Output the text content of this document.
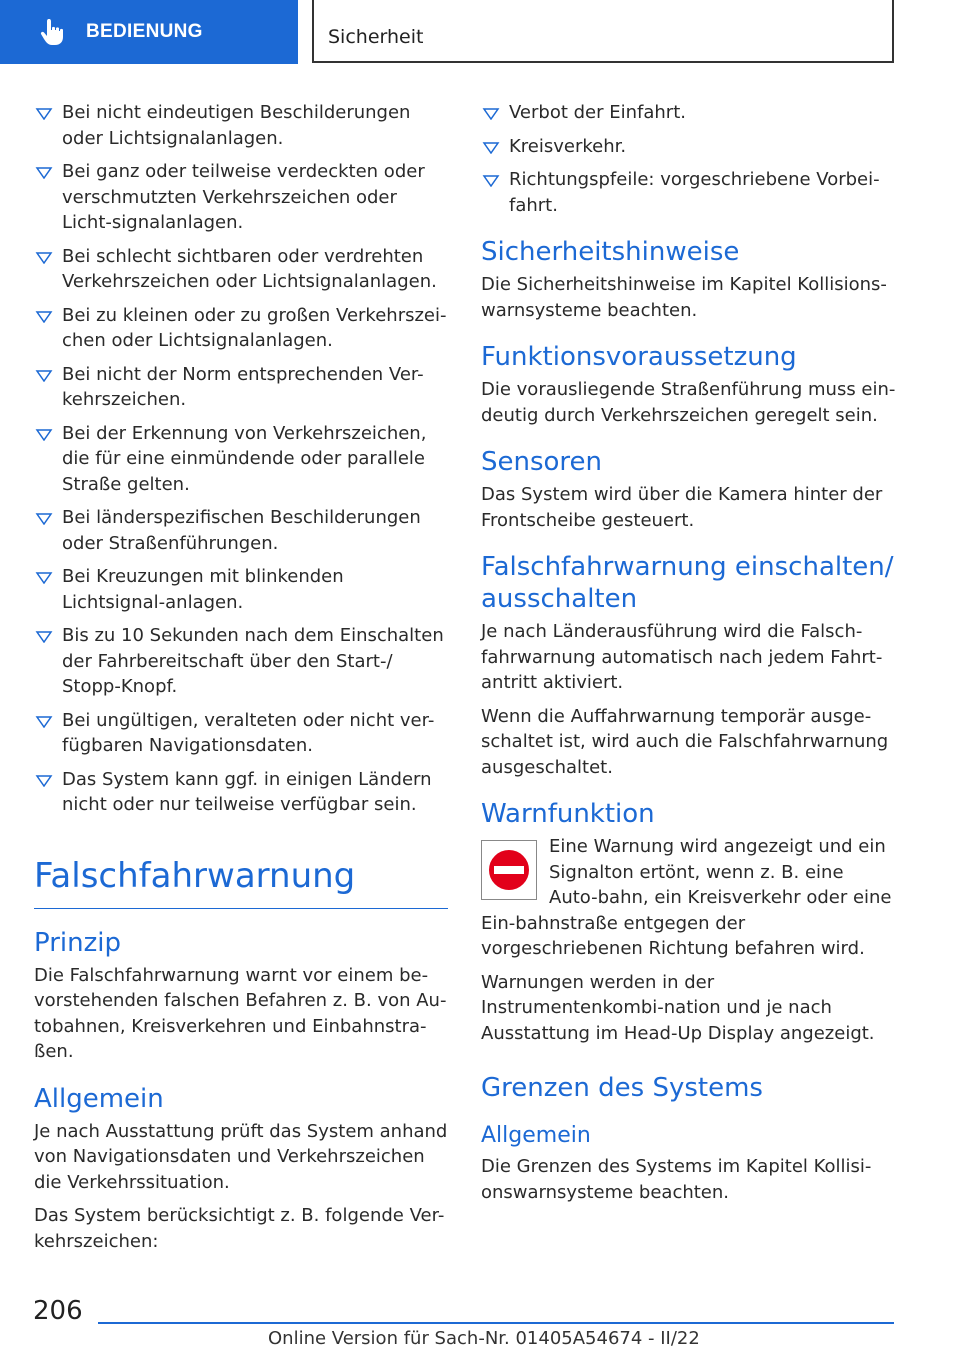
BEDIENUNG	Sicherheit
Bei nicht eindeutigen Beschilderungen oder Lichtsignalanlagen.
Bei ganz oder teilweise verdeckten oder verschmutzten Verkehrszeichen oder Licht-signalanlagen.
Bei schlecht sichtbaren oder verdrehten Verkehrszeichen oder Lichtsignalanlagen.
Bei zu kleinen oder zu großen Verkehrszei-chen oder Lichtsignalanlagen.
Bei nicht der Norm entsprechenden Ver-kehrszeichen.
Bei der Erkennung von Verkehrszeichen, die für eine einmündende oder parallele Straße gelten.
Bei länderspezifischen Beschilderungen oder Straßenführungen.
Bei Kreuzungen mit blinkenden Lichtsignal-anlagen.
Bis zu 10 Sekunden nach dem Einschalten der Fahrbereitschaft über den Start-/ Stopp-Knopf.
Bei ungültigen, veralteten oder nicht ver-fügbaren Navigationsdaten.
Das System kann ggf. in einigen Ländern nicht oder nur teilweise verfügbar sein.
Falschfahrwarnung
Prinzip

Die Falschfahrwarnung warnt vor einem be-vorstehenden falschen Befahren z. B. von Au-tobahnen, Kreisverkehren und Einbahnstra-ßen.

Allgemein

Je nach Ausstattung prüft das System anhand von Navigationsdaten und Verkehrszeichen die Verkehrssituation.

Das System berücksichtigt z. B. folgende Ver-kehrszeichen:

Verbot der Einfahrt.
Kreisverkehr.
Richtungspfeile: vorgeschriebene Vorbei-fahrt.
Sicherheitshinweise

Die Sicherheitshinweise im Kapitel Kollisions-warnsysteme beachten.

Funktionsvoraussetzung

Die vorausliegende Straßenführung muss ein-deutig durch Verkehrszeichen geregelt sein.

Sensoren

Das System wird über die Kamera hinter der Frontscheibe gesteuert.

Falschfahrwarnung einschalten/ ausschalten

Je nach Länderausführung wird die Falsch-fahrwarnung automatisch nach jedem Fahrt-antritt aktiviert.

Wenn die Auffahrwarnung temporär ausge-schaltet ist, wird auch die Falschfahrwarnung ausgeschaltet.

Warnfunktion

Eine Warnung wird angezeigt und ein Signalton ertönt, wenn z. B. eine Auto-bahn, ein Kreisverkehr oder eine Ein-bahnstraße entgegen der vorgeschriebenen Richtung befahren wird.

Warnungen werden in der Instrumentenkombi-nation und je nach Ausstattung im Head-Up Display angezeigt.

Grenzen des Systems
Allgemein

Die Grenzen des Systems im Kapitel Kollisi-onswarnsysteme beachten.

206
Online Version für Sach-Nr. 01405A54674 - II/22
